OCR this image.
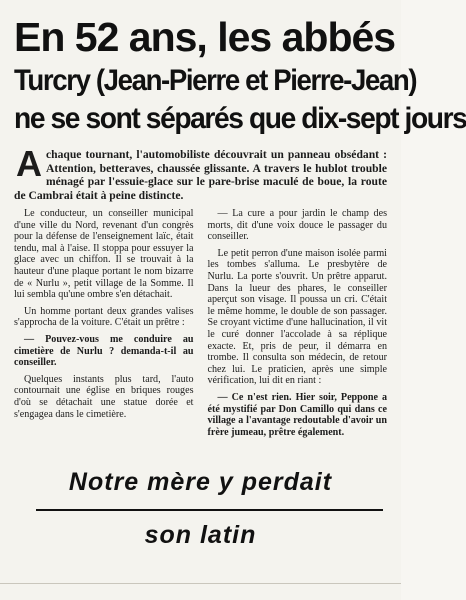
En 52 ans, les abbés
Turcry (Jean-Pierre et Pierre-Jean)
ne se sont séparés que dix-sept jours
A chaque tournant, l'automobiliste découvrait un panneau obsédant : Attention, betteraves, chaussée glissante. A travers le hublot trouble ménagé par l'essuie-glace sur le pare-brise maculé de boue, la route de Cambrai était à peine distincte.

Le conducteur, un conseiller municipal d'une ville du Nord, revenant d'un congrès pour la défense de l'enseignement laïc, était tendu, mal à l'aise. Il stoppa pour essuyer la glace avec un chiffon. Il se trouvait à la hauteur d'une plaque portant le nom bizarre de « Nurlu », petit village de la Somme. Il lui sembla qu'une ombre s'en détachait.

Un homme portant deux grandes valises s'approcha de la voiture. C'était un prêtre :

— Pouvez-vous me conduire au cimetière de Nurlu ? demanda-t-il au conseiller.

Quelques instants plus tard, l'auto contournait une église en briques rouges d'où se détachait une statue dorée et s'engagea dans le cimetière.

— La cure a pour jardin le champ des morts, dit d'une voix douce le passager du conseiller.

Le petit perron d'une maison isolée parmi les tombes s'alluma. Le presbytère de Nurlu. La porte s'ouvrit. Un prêtre apparut. Dans la lueur des phares, le conseiller aperçut son visage. Il poussa un cri. C'était le même homme, le double de son passager. Se croyant victime d'une hallucination, il vit le curé donner l'accolade à sa réplique exacte. Et, pris de peur, il démarra en trombe. Il consulta son médecin, de retour chez lui. Le praticien, après une simple vérification, lui dit en riant :

— Ce n'est rien. Hier soir, Peppone a été mystifié par Don Camillo qui dans ce village a l'avantage redoutable d'avoir un frère jumeau, prêtre également.

Notre mère y perdait
son latin
